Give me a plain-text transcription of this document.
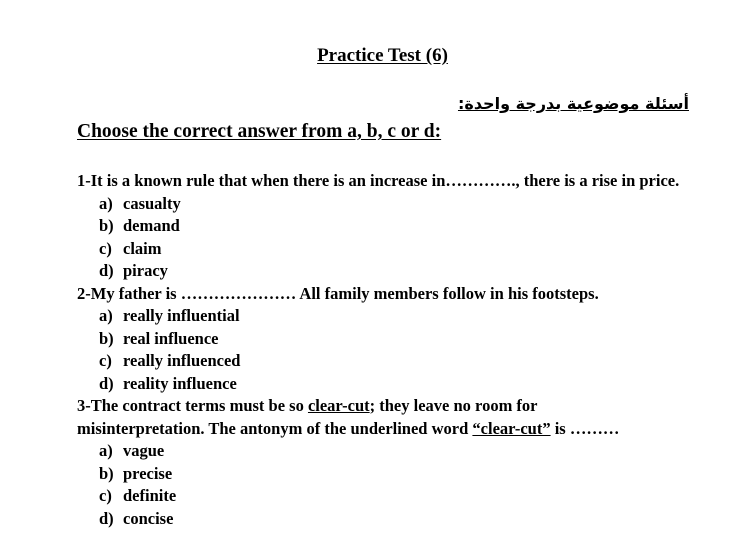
Practice Test (6)
أسئلة موضوعية بدرجة واحدة:
Choose the correct answer from a, b, c or d:

1-It is a known rule that when there is an increase in…………., there is a rise in price.

a) casualty
b) demand
c) claim
d) piracy

2-My father is ………………… All family members follow in his footsteps.

a) really influential
b) real influence
c) really influenced
d) reality influence

3-The contract terms must be so clear-cut; they leave no room for

misinterpretation. The antonym of the underlined word “clear-cut” is ………

a) vague
b) precise
c) definite
d) concise
